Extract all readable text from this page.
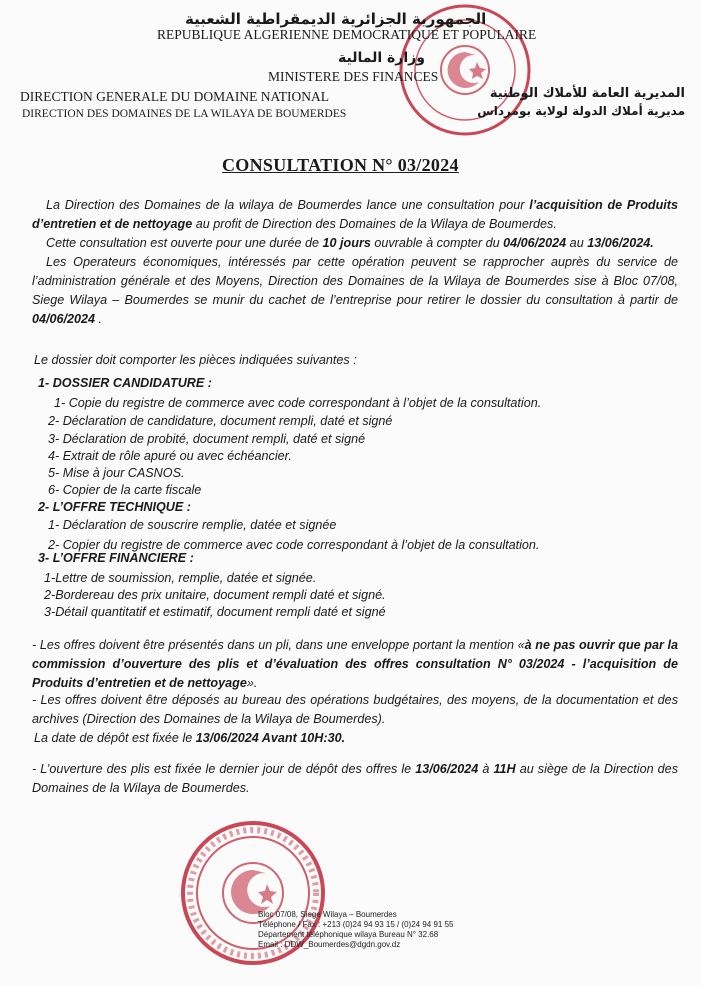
الجمهورية الجزائرية الديمقراطية الشعبية
REPUBLIQUE ALGERIENNE DEMOCRATIQUE ET POPULAIRE
وزارة المالية
MINISTERE DES FINANCES
DIRECTION GENERALE DU DOMAINE NATIONAL
DIRECTION DES DOMAINES DE LA WILAYA DE BOUMERDES
المديرية العامة للأملاك الوطنية
مديرية أملاك الدولة لولاية بومرداس
CONSULTATION N° 03/2024

La Direction des Domaines de la wilaya de Boumerdes lance une consultation pour l’acquisition de Produits d’entretien et de nettoyage au profit de Direction des Domaines de la Wilaya de Boumerdes.

Cette consultation est ouverte pour une durée de 10 jours ouvrable à compter du 04/06/2024 au 13/06/2024.

Les Operateurs économiques, intéressés par cette opération peuvent se rapprocher auprès du service de l’administration générale et des Moyens, Direction des Domaines de la Wilaya de Boumerdes sise à Bloc 07/08, Siege Wilaya – Boumerdes se munir du cachet de l’entreprise pour retirer le dossier du consultation à partir de 04/06/2024 .

Le dossier doit comporter les pièces indiquées suivantes :
1- DOSSIER CANDIDATURE :
1- Copie du registre de commerce avec code correspondant à l’objet de la consultation.
2- Déclaration de candidature, document rempli, daté et signé
3- Déclaration de probité, document rempli, daté et signé
4- Extrait de rôle apuré ou avec échéancier.
5- Mise à jour CASNOS.
6- Copier de la carte fiscale
2- L’OFFRE TECHNIQUE :
1- Déclaration de souscrire remplie, datée et signée
2- Copier du registre de commerce avec code correspondant à l’objet de la consultation.
3- L’OFFRE FINANCIERE :
1-Lettre de soumission, remplie, datée et signée.
2-Bordereau des prix unitaire, document rempli daté et signé.
3-Détail quantitatif et estimatif, document rempli daté et signé

- Les offres doivent être présentés dans un pli, dans une enveloppe portant la mention «à ne pas ouvrir que par la commission d’ouverture des plis et d’évaluation des offres consultation N° 03/2024 - l’acquisition de Produits d’entretien et de nettoyage».

- Les offres doivent être déposés au bureau des opérations budgétaires, des moyens, de la documentation et des archives (Direction des Domaines de la Wilaya de Boumerdes).

La date de dépôt est fixée le 13/06/2024 Avant 10H:30.

- L’ouverture des plis est fixée le dernier jour de dépôt des offres le 13/06/2024 à 11H au siège de la Direction des Domaines de la Wilaya de Boumerdes.

Bloc 07/08, Siege Wilaya – Boumerdes
Téléphone / Fax : +213 (0)24 94 93 15 / (0)24 94 91 55
Département téléphonique wilaya Bureau N° 32.68
Email : DDW_Boumerdes@dgdn.gov.dz
